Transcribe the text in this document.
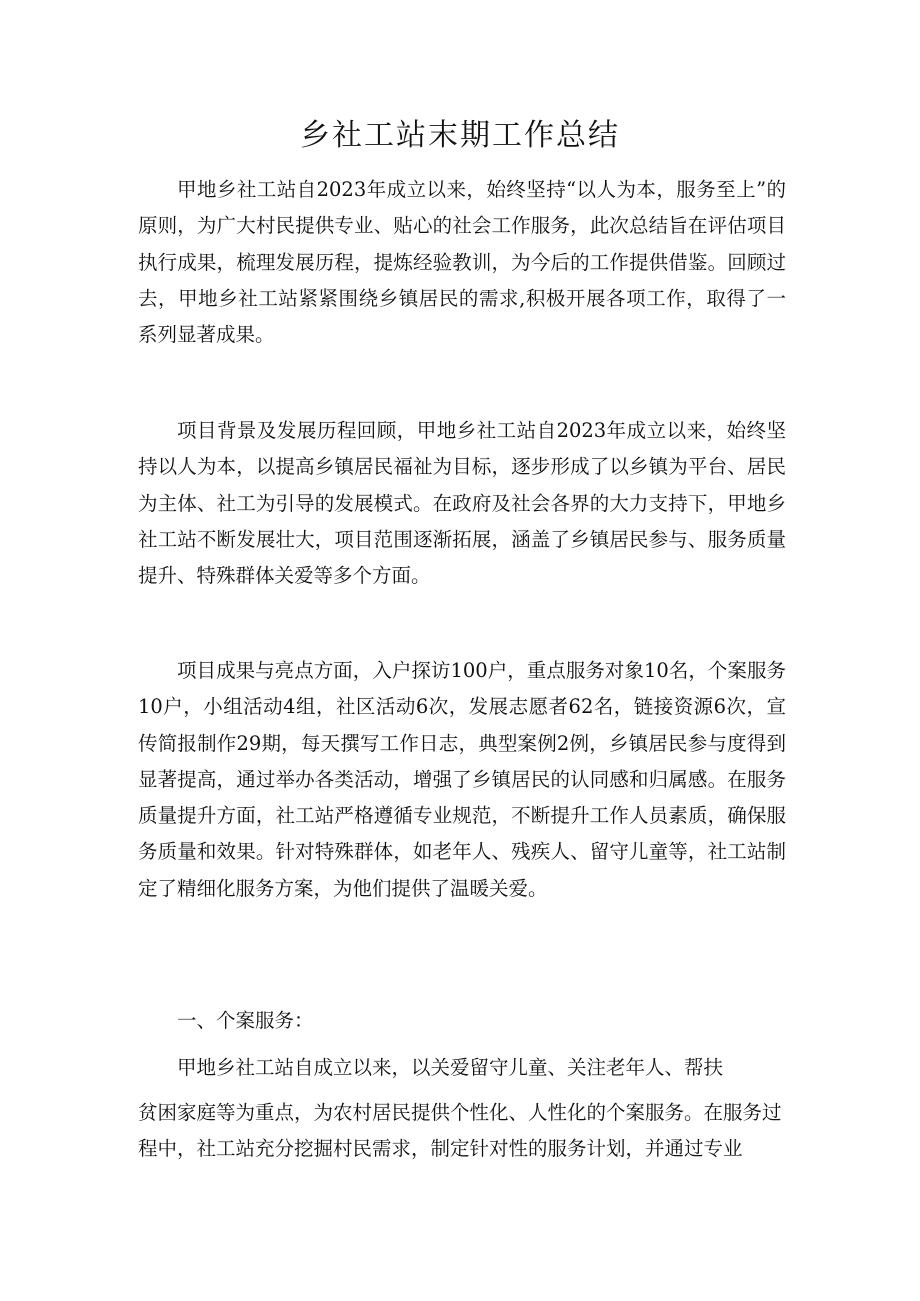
乡社工站末期工作总结

甲地乡社工站自2023年成立以来，始终坚持“以人为本，服务至上”的原则，为广大村民提供专业、贴心的社会工作服务，此次总结旨在评估项目执行成果，梳理发展历程，提炼经验教训，为今后的工作提供借鉴。回顾过去，甲地乡社工站紧紧围绕乡镇居民的需求,积极开展各项工作，取得了一系列显著成果。

项目背景及发展历程回顾，甲地乡社工站自2023年成立以来，始终坚持以人为本，以提高乡镇居民福祉为目标，逐步形成了以乡镇为平台、居民为主体、社工为引导的发展模式。在政府及社会各界的大力支持下，甲地乡社工站不断发展壮大，项目范围逐渐拓展，涵盖了乡镇居民参与、服务质量提升、特殊群体关爱等多个方面。

项目成果与亮点方面，入户探访100户，重点服务对象10名，个案服务10户，小组活动4组，社区活动6次，发展志愿者62名，链接资源6次，宣传简报制作29期，每天撰写工作日志，典型案例2例，乡镇居民参与度得到显著提高，通过举办各类活动，增强了乡镇居民的认同感和归属感。在服务质量提升方面，社工站严格遵循专业规范，不断提升工作人员素质，确保服务质量和效果。针对特殊群体，如老年人、残疾人、留守儿童等，社工站制定了精细化服务方案，为他们提供了温暖关爱。

一、个案服务：

甲地乡社工站自成立以来，以关爱留守儿童、关注老年人、帮扶

贫困家庭等为重点，为农村居民提供个性化、人性化的个案服务。在服务过程中，社工站充分挖掘村民需求，制定针对性的服务计划，并通过专业
